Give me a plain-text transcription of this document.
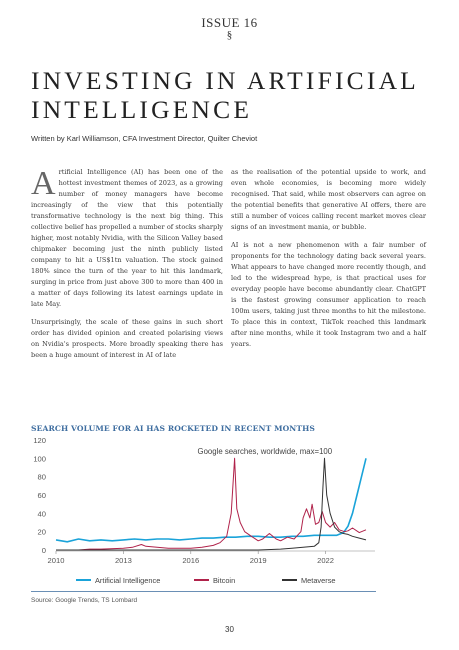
ISSUE 16
§
INVESTING IN ARTIFICIAL INTELLIGENCE
Written by Karl Williamson, CFA Investment Director, Quilter Cheviot

Artificial Intelligence (AI) has been one of the hottest investment themes of 2023, as a growing number of money managers have become increasingly of the view that this potentially transformative technology is the next big thing. This collective belief has propelled a number of stocks sharply higher, most notably Nvidia, with the Silicon Valley based chipmaker becoming just the ninth publicly listed company to hit a US$1tn valuation. The stock gained 180% since the turn of the year to hit this landmark, surging in price from just above 300 to more than 400 in a matter of days following its latest earnings update in late May.

Unsurprisingly, the scale of these gains in such short order has divided opinion and created polarising views on Nvidia's prospects. More broadly speaking there has been a huge amount of interest in AI of late

as the realisation of the potential upside to work, and even whole economies, is becoming more widely recognised. That said, while most observers can agree on the potential benefits that generative AI offers, there are still a number of voices calling recent market moves clear signs of an investment mania, or bubble.

AI is not a new phenomenon with a fair number of proponents for the technology dating back several years. What appears to have changed more recently though, and led to the widespread hype, is that practical uses for everyday people have become abundantly clear. ChatGPT is the fastest growing consumer application to reach 100m users, taking just three months to hit the milestone. To place this in context, TikTok reached this landmark after nine months, while it took Instagram two and a half years.

SEARCH VOLUME FOR AI HAS ROCKETED IN RECENT MONTHS
0
20
40
60
80
100
120
2010	2013	2016	2019	2022
Google searches, worldwide, max=100
Artificial Intelligence	Bitcoin	Metaverse
Source: Google Trends, TS Lombard
30
